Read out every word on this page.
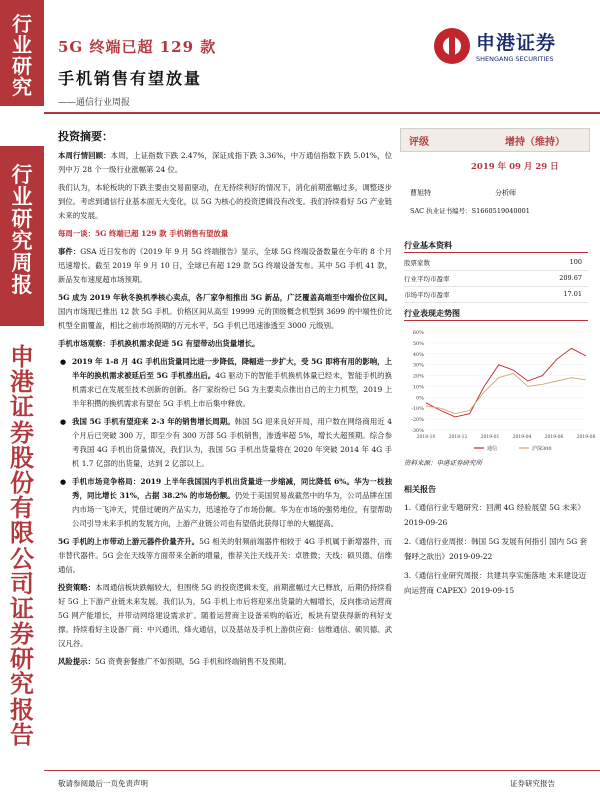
行
业
研
究
行
业
研
究
周
报
申
港
证
券
股
份
有
限
公
司
证
券
研
究
报
告
5G 终端已超 129 款
手机销售有望放量
——通信行业周报
申港证券
SHENGANG SECURITIES
投资摘要：

本周行情回顾：本周，上证指数下跌 2.47%，深证成指下跌 3.36%，中万通信指数下跌 5.01%，位列中万 28 个一级行业涨幅第 24 位。

我们认为，本轮板块的下跌主要由交易面驱动，在无持续利好的情况下，消化前期涨幅过多，调整逐步到位。考虑到通信行业基本面无大变化，以 5G 为核心的投资逻辑没有改变。我们持续看好 5G 产业链未来的发展。

每周一谈：5G 终端已超 129 款 手机销售有望放量

事件：GSA 近日发布的《2019 年 9 月 5G 终端报告》显示，全球 5G 终端设备数量在今年的 8 个月迅速增长。截至 2019 年 9 月 10 日，全球已有超 129 款 5G 终端设备发布。其中 5G 手机 41 款，新品发布速度超市场预期。

5G 成为 2019 年秋冬换机季核心卖点，各厂家争相推出 5G 新品，广泛覆盖高端至中端价位区间。国内市场现已推出 12 款 5G 手机。价格区间从高至 19999 元的顶级概念机型到 3699 的中端性价比机型全面覆盖，相比之前市场预期的万元水平，5G 手机已迅速渗透至 3000 元级别。

手机市场观察：手机换机需求促进 5G 有望带动出货量增长。

● 2019 年 1-8 月 4G 手机出货量同比进一步降低，降幅进一步扩大，受 5G 即将有用的影响，上半年的换机需求被延后至 5G 手机推出后。4G 驱动下的智能手机换机体量已经未，智能手机的换机需求已在发展至技术创新的创新。各厂家纷纷已 5G 为主要卖点推出自己的主力机型，2019 上半年积攒的换机需求有望在 5G 手机上市后集中释放。

● 我国 5G 手机有望迎来 2-3 年的销售增长周期。韩国 5G 迎来良好开局，用户数在网络商用近 4 个月后已突破 300 万，即至少有 300 万部 5G 手机销售，渗透率超 5%，增长大超预期。综合参考我国 4G 手机出货量情况，我们认为，我国 5G 手机出货量将在 2020 年突破 2014 年 4G 手机 1.7 亿部的出货量，达到 2 亿部以上。

● 手机市场竞争格局：2019 上半年我国国内手机出货量进一步缩减，同比降低 6%。华为一枝独秀，同比增长 31%，占据 38.2% 的市场份额。仍处于美国贸易战截然中的华为，公司品牌在国内市场一飞冲天，凭借过硬的产品实力，迅速抢夺了市场份额。华为在市场的强势地位，有望帮助公司引导未来手机的发展方向，上游产业链公司也有望借此获得订单的大幅提高。

5G 手机的上市带动上游元器件价量齐升。5G 相关的射频前端器件相较于 4G 手机属于新增器件，而非替代器件。5G 会在天线等方面带来全新的增量，推荐关注天线开关：卓胜微；天线：硕贝德、信维通信。

投资策略：本周通信板块跌幅较大，但围绕 5G 的投资逻辑未变，前期涨幅过大已释放，后期仍持续看好 5G 上下游产业链未来发展。我们认为，5G 手机上市后将迎来出货量的大幅增长，反向推动运营商 5G 网产能增长，并带动网络建设需求扩。随着运营商主设备采购的临近，板块有望获得新的利好支撑。持续看好主设备厂商：中兴通讯、烽火通信，以及基站及手机上游供应商：信维通信、硕贝德、武汉凡谷。

风险提示：5G 资费套餐推广不如预期，5G 手机和终端销售不及预期。

评级	增持（维持）
2019 年 09 月 29 日
曹旭特	分析师
SAC 执业证书编号：S1660519040001
行业基本资料
股票家数	100
行业平均市盈率	209.67
市场平均市盈率	17.01
行业表现走势图
60%
50%
40%
30%
20%
10%
0%
-10%
-20%
-30%
2018-10	2018-12	2019-01	2019-04	2019-06	2019-08
通信	沪深300
资料来源：申港证券研究所
相关报告
1.《通信行业专题研究：回溯 4G 经验展望 5G 未来》2019-09-26
2.《通信行业周报：韩国 5G 发展有何指引 国内 5G 套餐呼之欲出》2019-09-22
3.《通信行业研究周报：共建共享实施落地 未来建设迈向运营商 CAPEX》2019-09-15
敬请参阅最后一页免责声明	证券研究报告
